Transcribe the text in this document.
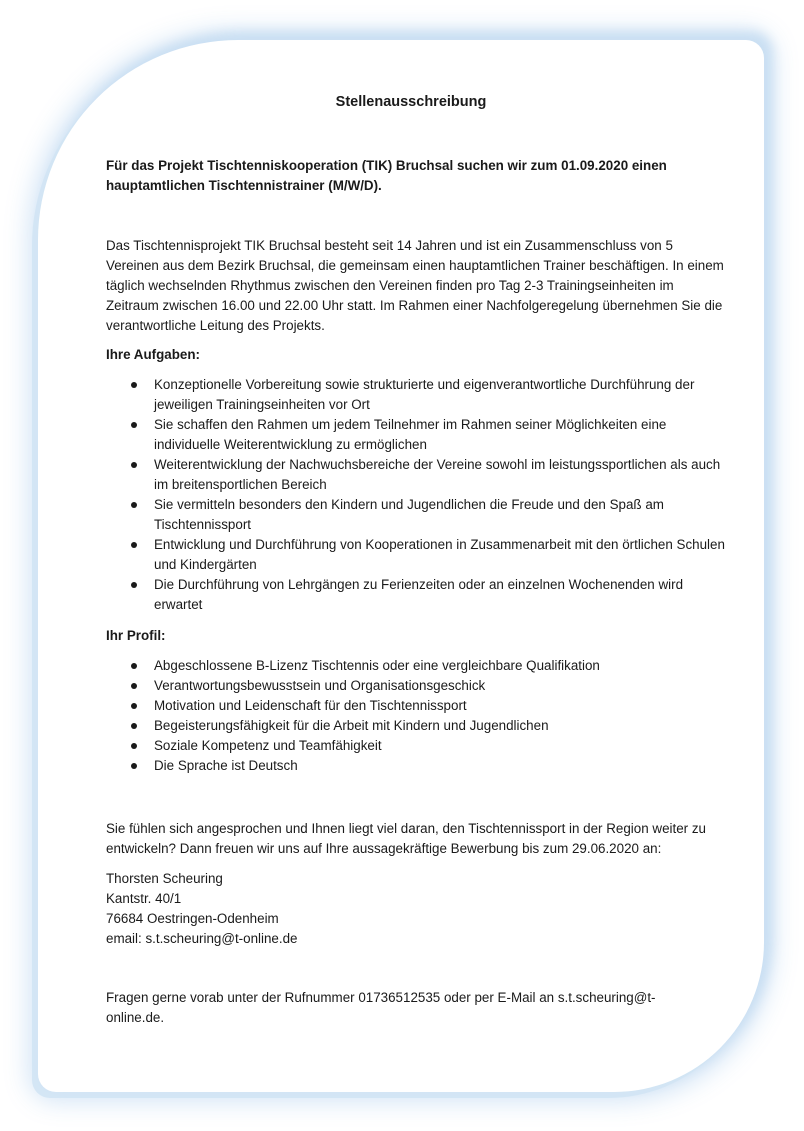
Stellenausschreibung
Für das Projekt Tischtenniskooperation (TIK) Bruchsal suchen wir zum 01.09.2020 einen
hauptamtlichen Tischtennistrainer (M/W/D).
Das Tischtennisprojekt TIK Bruchsal besteht seit 14 Jahren und ist ein Zusammenschluss von 5 Vereinen aus dem Bezirk Bruchsal, die gemeinsam einen hauptamtlichen Trainer beschäftigen. In einem täglich wechselnden Rhythmus zwischen den Vereinen finden pro Tag 2-3 Trainingseinheiten im Zeitraum zwischen 16.00 und 22.00 Uhr statt. Im Rahmen einer Nachfolgeregelung übernehmen Sie die verantwortliche Leitung des Projekts.
Ihre Aufgaben:
Konzeptionelle Vorbereitung sowie strukturierte und eigenverantwortliche Durchführung der jeweiligen Trainingseinheiten vor Ort
Sie schaffen den Rahmen um jedem Teilnehmer im Rahmen seiner Möglichkeiten eine individuelle Weiterentwicklung zu ermöglichen
Weiterentwicklung der Nachwuchsbereiche der Vereine sowohl im leistungssportlichen als auch im breitensportlichen Bereich
Sie vermitteln besonders den Kindern und Jugendlichen die Freude und den Spaß am Tischtennissport
Entwicklung und Durchführung von Kooperationen in Zusammenarbeit mit den örtlichen Schulen und Kindergärten
Die Durchführung von Lehrgängen zu Ferienzeiten oder an einzelnen Wochenenden wird erwartet
Ihr Profil:
Abgeschlossene B-Lizenz Tischtennis oder eine vergleichbare Qualifikation
Verantwortungsbewusstsein und Organisationsgeschick
Motivation und Leidenschaft für den Tischtennissport
Begeisterungsfähigkeit für die Arbeit mit Kindern und Jugendlichen
Soziale Kompetenz und Teamfähigkeit
Die Sprache ist Deutsch
Sie fühlen sich angesprochen und Ihnen liegt viel daran, den Tischtennissport in der Region weiter zu entwickeln? Dann freuen wir uns auf Ihre aussagekräftige Bewerbung bis zum 29.06.2020 an:
Thorsten Scheuring
Kantstr. 40/1
76684 Oestringen-Odenheim
email: s.t.scheuring@t-online.de
Fragen gerne vorab unter der Rufnummer 01736512535 oder per E-Mail an s.t.scheuring@t-online.de.
